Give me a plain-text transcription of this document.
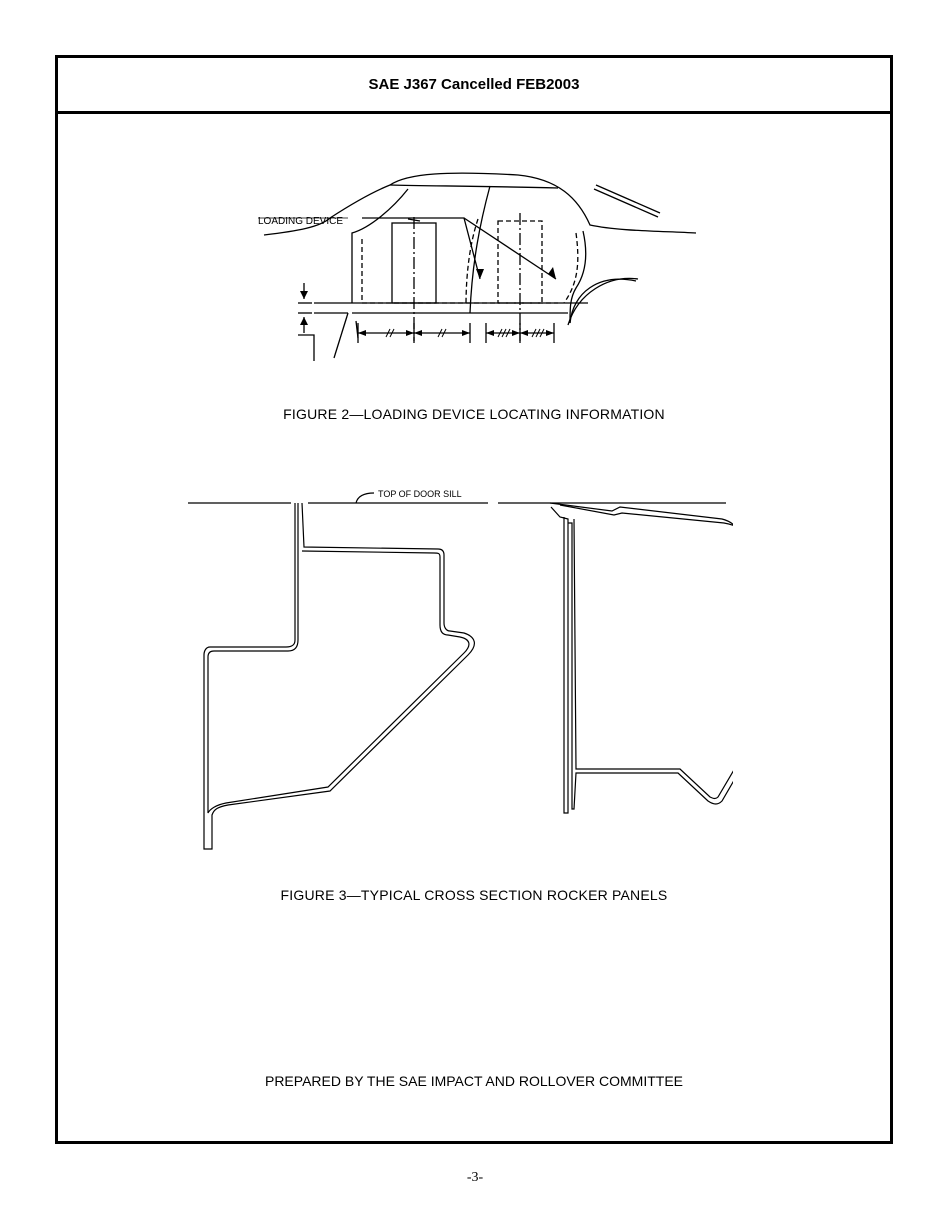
SAE J367 Cancelled FEB2003
LOADING DEVICE
FIGURE 2—LOADING DEVICE LOCATING INFORMATION
TOP OF DOOR SILL
FIGURE 3—TYPICAL CROSS SECTION ROCKER PANELS
PREPARED BY THE SAE IMPACT AND ROLLOVER COMMITTEE
-3-
